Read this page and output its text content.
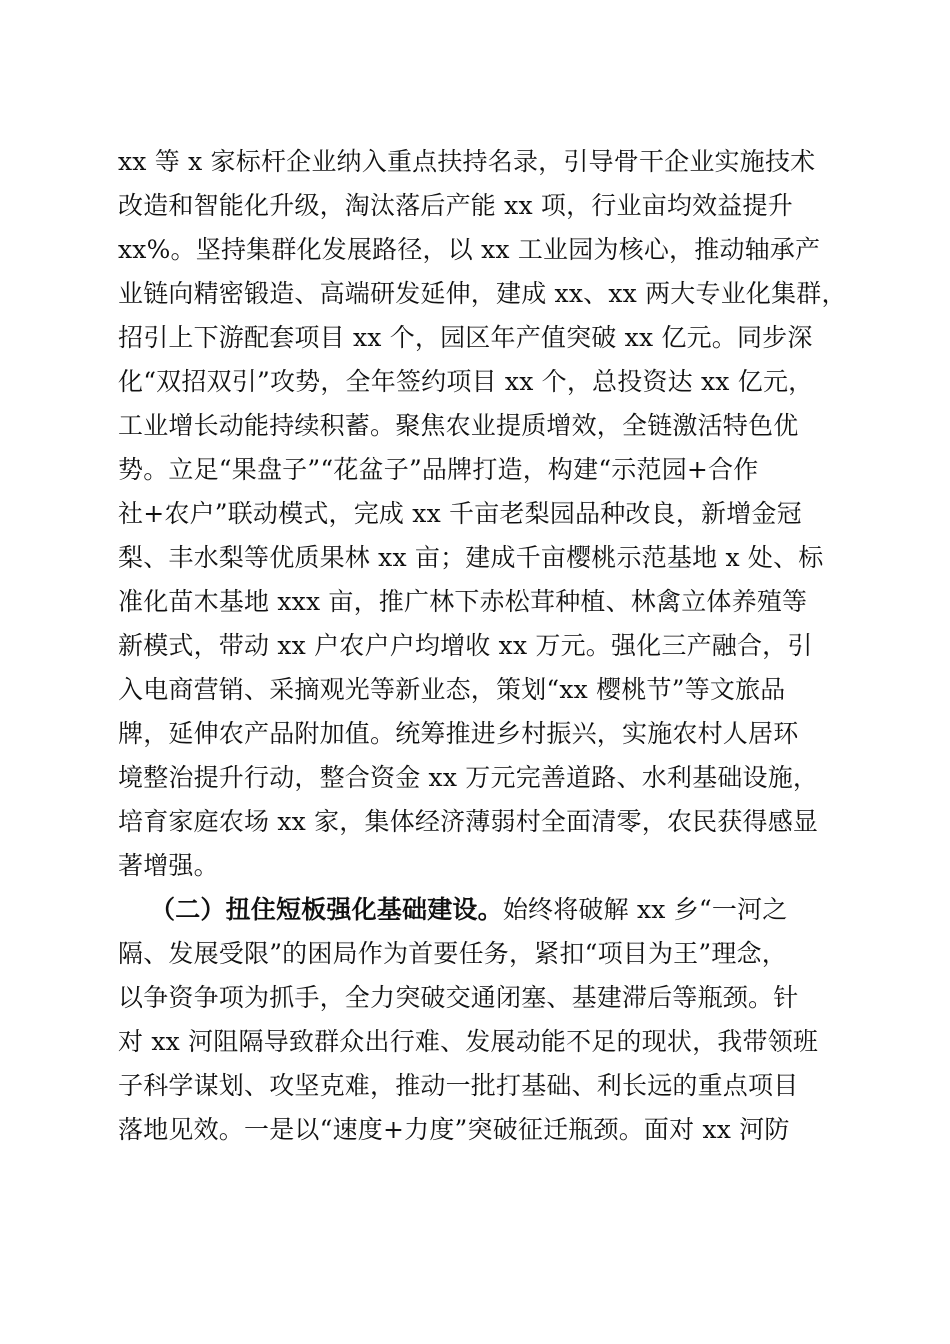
xx 等 x 家标杆企业纳入重点扶持名录，引导骨干企业实施技术
改造和智能化升级，淘汰落后产能 xx 项，行业亩均效益提升
xx%。坚持集群化发展路径，以 xx 工业园为核心，推动轴承产
业链向精密锻造、高端研发延伸，建成 xx、xx 两大专业化集群，
招引上下游配套项目 xx 个，园区年产值突破 xx 亿元。同步深
化“双招双引”攻势，全年签约项目 xx 个，总投资达 xx 亿元，
工业增长动能持续积蓄。聚焦农业提质增效，全链激活特色优
势。立足“果盘子”“花盆子”品牌打造，构建“示范园+合作
社+农户”联动模式，完成 xx 千亩老梨园品种改良，新增金冠
梨、丰水梨等优质果林 xx 亩；建成千亩樱桃示范基地 x 处、标
准化苗木基地 xxx 亩，推广林下赤松茸种植、林禽立体养殖等
新模式，带动 xx 户农户户均增收 xx 万元。强化三产融合，引
入电商营销、采摘观光等新业态，策划“xx 樱桃节”等文旅品
牌，延伸农产品附加值。统筹推进乡村振兴，实施农村人居环
境整治提升行动，整合资金 xx 万元完善道路、水利基础设施，
培育家庭农场 xx 家，集体经济薄弱村全面清零，农民获得感显
著增强。
（二）扭住短板强化基础建设。始终将破解 xx 乡“一河之
隔、发展受限”的困局作为首要任务，紧扣“项目为王”理念，
以争资争项为抓手，全力突破交通闭塞、基建滞后等瓶颈。针
对 xx 河阻隔导致群众出行难、发展动能不足的现状，我带领班
子科学谋划、攻坚克难，推动一批打基础、利长远的重点项目
落地见效。一是以“速度+力度”突破征迁瓶颈。面对 xx 河防
